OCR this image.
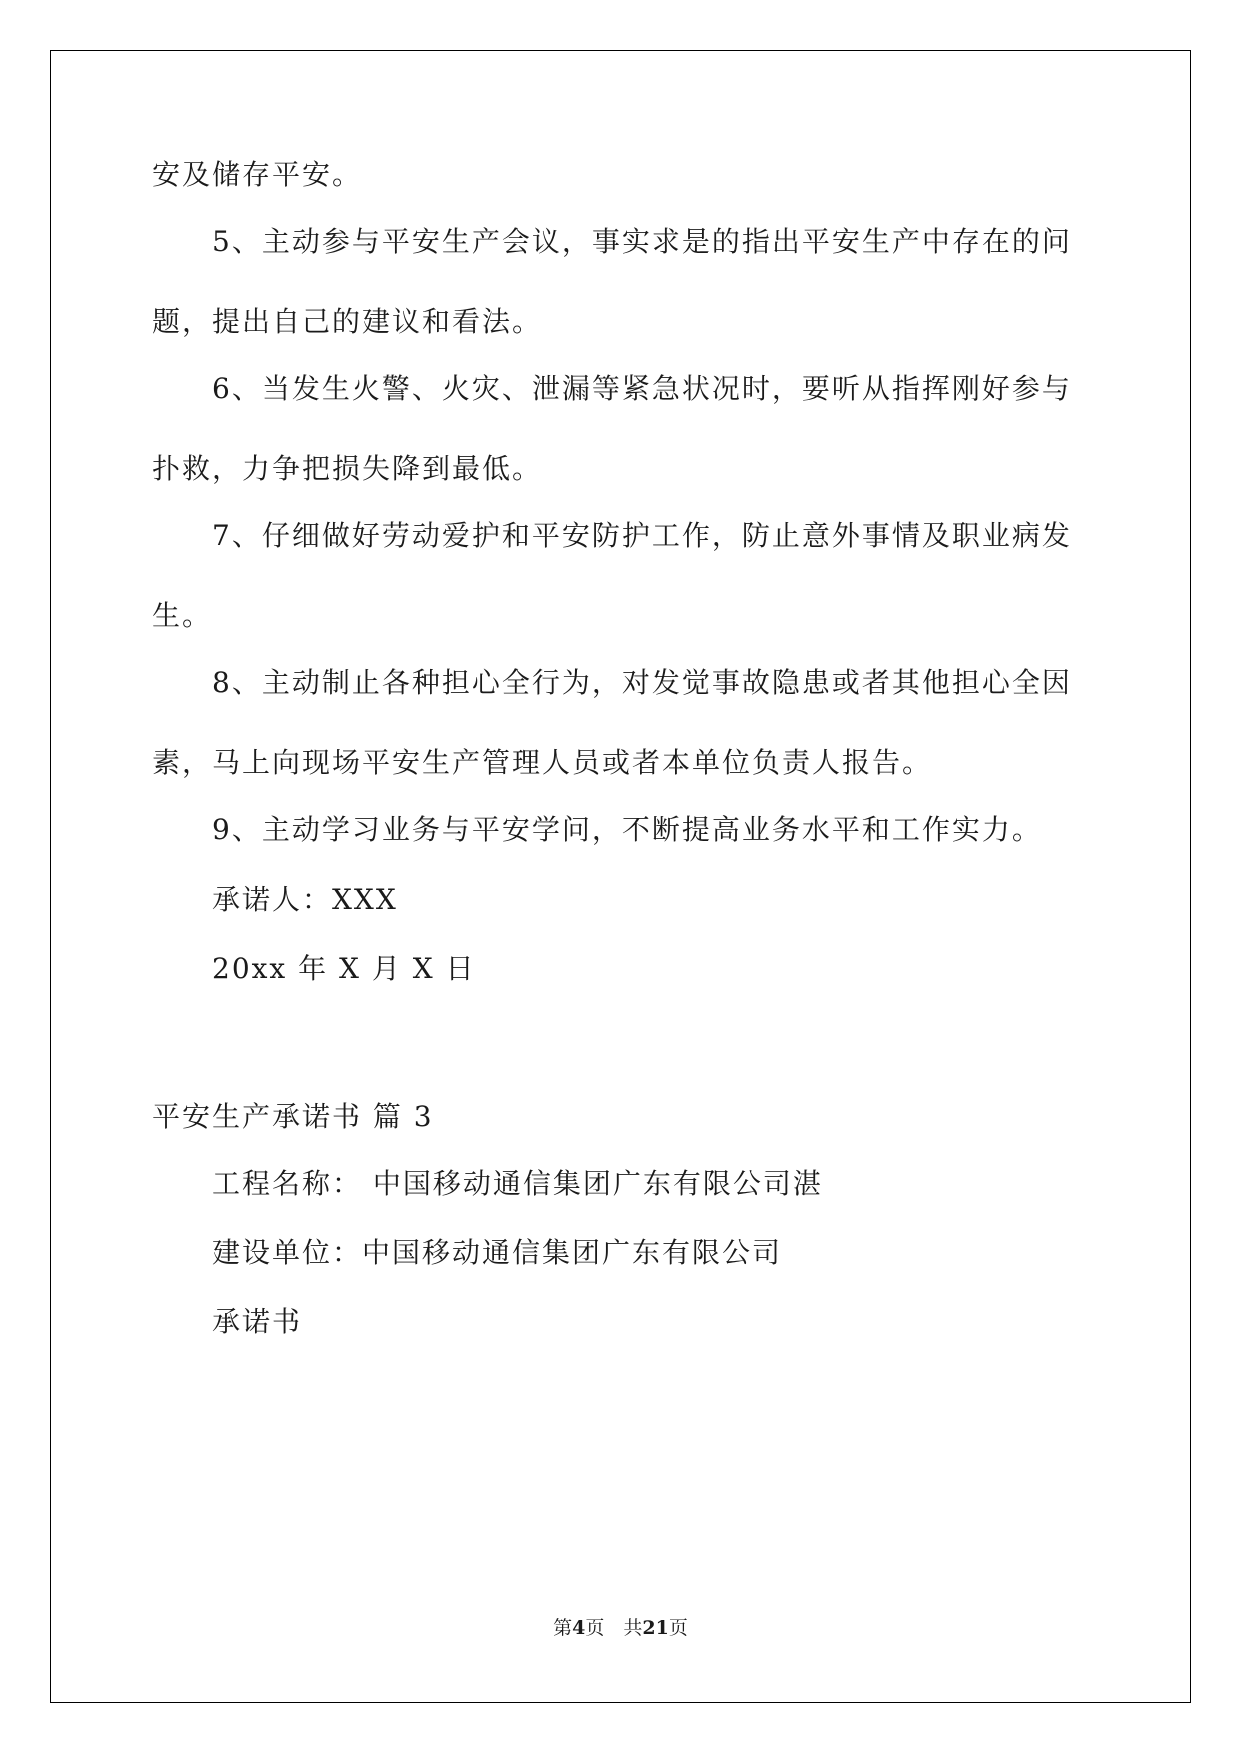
安及储存平安。
5、主动参与平安生产会议，事实求是的指出平安生产中存在的问
题，提出自己的建议和看法。
6、当发生火警、火灾、泄漏等紧急状况时，要听从指挥刚好参与
扑救，力争把损失降到最低。
7、仔细做好劳动爱护和平安防护工作，防止意外事情及职业病发
生。
8、主动制止各种担心全行为，对发觉事故隐患或者其他担心全因
素，马上向现场平安生产管理人员或者本单位负责人报告。
9、主动学习业务与平安学问，不断提高业务水平和工作实力。
承诺人：XXX
20xx 年 X 月 X 日
平安生产承诺书 篇 3
工程名称： 中国移动通信集团广东有限公司湛
建设单位：中国移动通信集团广东有限公司
承诺书
第4页　共21页
